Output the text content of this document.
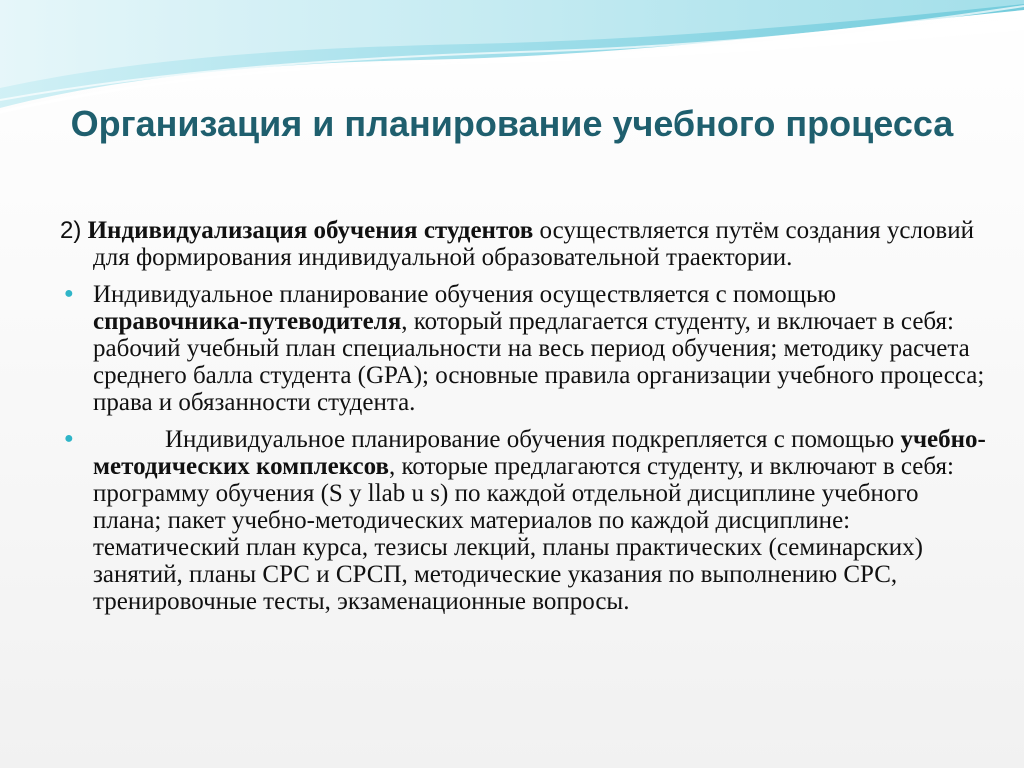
Организация и планирование учебного процесса

2) Индивидуализация обучения студентов осуществляется путём создания условий для формирования индивидуальной образовательной траектории.

● Индивидуальное планирование обучения осуществляется с помощью справочника-путеводителя, который предлагается студенту, и включает в себя: рабочий учебный план специальности на весь период обучения; методику расчета среднего балла студента (GPA); основные правила организации учебного процесса; права и обязанности студента.

●	Индивидуальное планирование обучения подкрепляется с помощью учебно-методических комплексов, которые предлагаются студенту, и включают в себя: программу обучения (S y llab u s) по каждой отдельной дисциплине учебного плана; пакет учебно-методических материалов по каждой дисциплине: тематический план курса, тезисы лекций, планы практических (семинарских) занятий, планы СРС и СРСП, методические указания по выполнению СРС, тренировочные тесты, экзаменационные вопросы.
